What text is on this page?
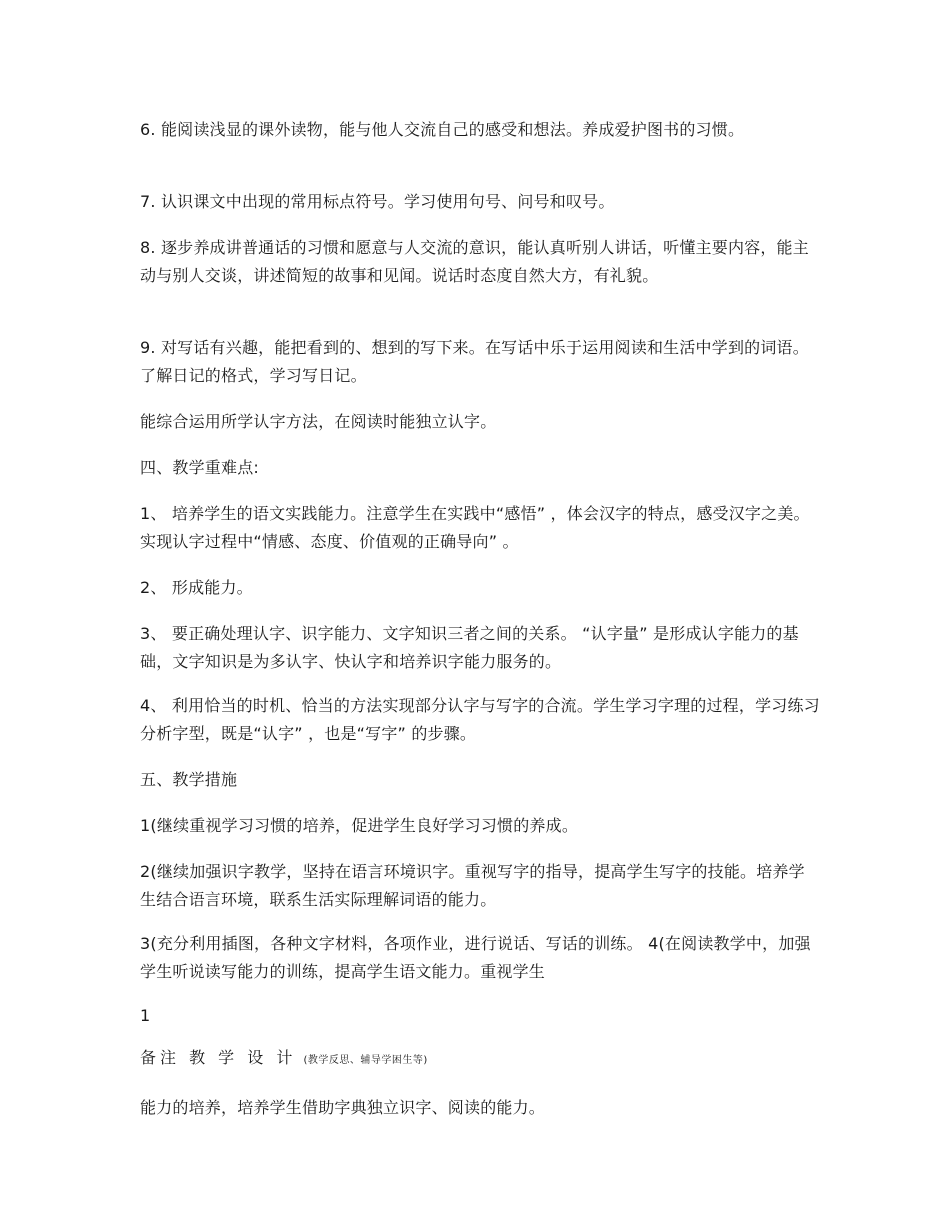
6. 能阅读浅显的课外读物，能与他人交流自己的感受和想法。养成爱护图书的习惯。

7. 认识课文中出现的常用标点符号。学习使用句号、问号和叹号。

8. 逐步养成讲普通话的习惯和愿意与人交流的意识，能认真听别人讲话，听懂主要内容，能主动与别人交谈，讲述简短的故事和见闻。说话时态度自然大方，有礼貌。

9. 对写话有兴趣，能把看到的、想到的写下来。在写话中乐于运用阅读和生活中学到的词语。了解日记的格式，学习写日记。

能综合运用所学认字方法，在阅读时能独立认字。

四、教学重难点:

1、 培养学生的语文实践能力。注意学生在实践中“感悟” ，体会汉字的特点，感受汉字之美。实现认字过程中“情感、态度、价值观的正确导向” 。

2、 形成能力。

3、 要正确处理认字、识字能力、文字知识三者之间的关系。 “认字量” 是形成认字能力的基础，文字知识是为多认字、快认字和培养识字能力服务的。

4、 利用恰当的时机、恰当的方法实现部分认字与写字的合流。学生学习字理的过程，学习练习分析字型，既是“认字” ，也是“写字” 的步骤。

五、教学措施

1(继续重视学习习惯的培养，促进学生良好学习习惯的养成。

2(继续加强识字教学，坚持在语言环境识字。重视写字的指导，提高学生写字的技能。培养学生结合语言环境，联系生活实际理解词语的能力。

3(充分利用插图，各种文字材料，各项作业，进行说话、写话的训练。 4(在阅读教学中，加强学生听说读写能力的训练，提高学生语文能力。重视学生

1

备注 教 学 设 计 (教学反思、辅导学困生等)

能力的培养，培养学生借助字典独立识字、阅读的能力。
